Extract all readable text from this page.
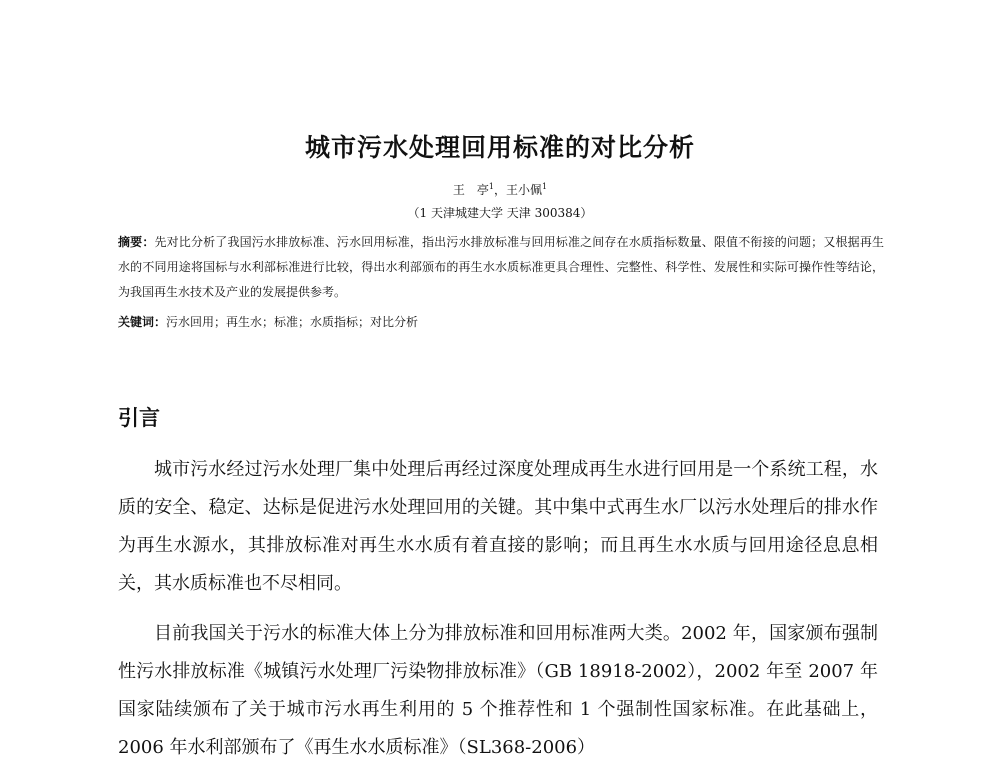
城市污水处理回用标准的对比分析
王　亭$^1$，王小佩$^1$
（1 天津城建大学 天津 300384）

摘要：先对比分析了我国污水排放标准、污水回用标准，指出污水排放标准与回用标准之间存在水质指标数量、限值不衔接的问题；又根据再生水的不同用途将国标与水利部标准进行比较，得出水利部颁布的再生水水质标准更具合理性、完整性、科学性、发展性和实际可操作性等结论，为我国再生水技术及产业的发展提供参考。

关键词：污水回用；再生水；标准；水质指标；对比分析

引言

城市污水经过污水处理厂集中处理后再经过深度处理成再生水进行回用是一个系统工程，水质的安全、稳定、达标是促进污水处理回用的关键。其中集中式再生水厂以污水处理后的排水作为再生水源水，其排放标准对再生水水质有着直接的影响；而且再生水水质与回用途径息息相关，其水质标准也不尽相同。

目前我国关于污水的标准大体上分为排放标准和回用标准两大类。2002 年，国家颁布强制性污水排放标准《城镇污水处理厂污染物排放标准》（GB 18918-2002），2002 年至 2007 年国家陆续颁布了关于城市污水再生利用的 5 个推荐性和 1 个强制性国家标准。在此基础上，2006 年水利部颁布了《再生水水质标准》（SL368-2006）
